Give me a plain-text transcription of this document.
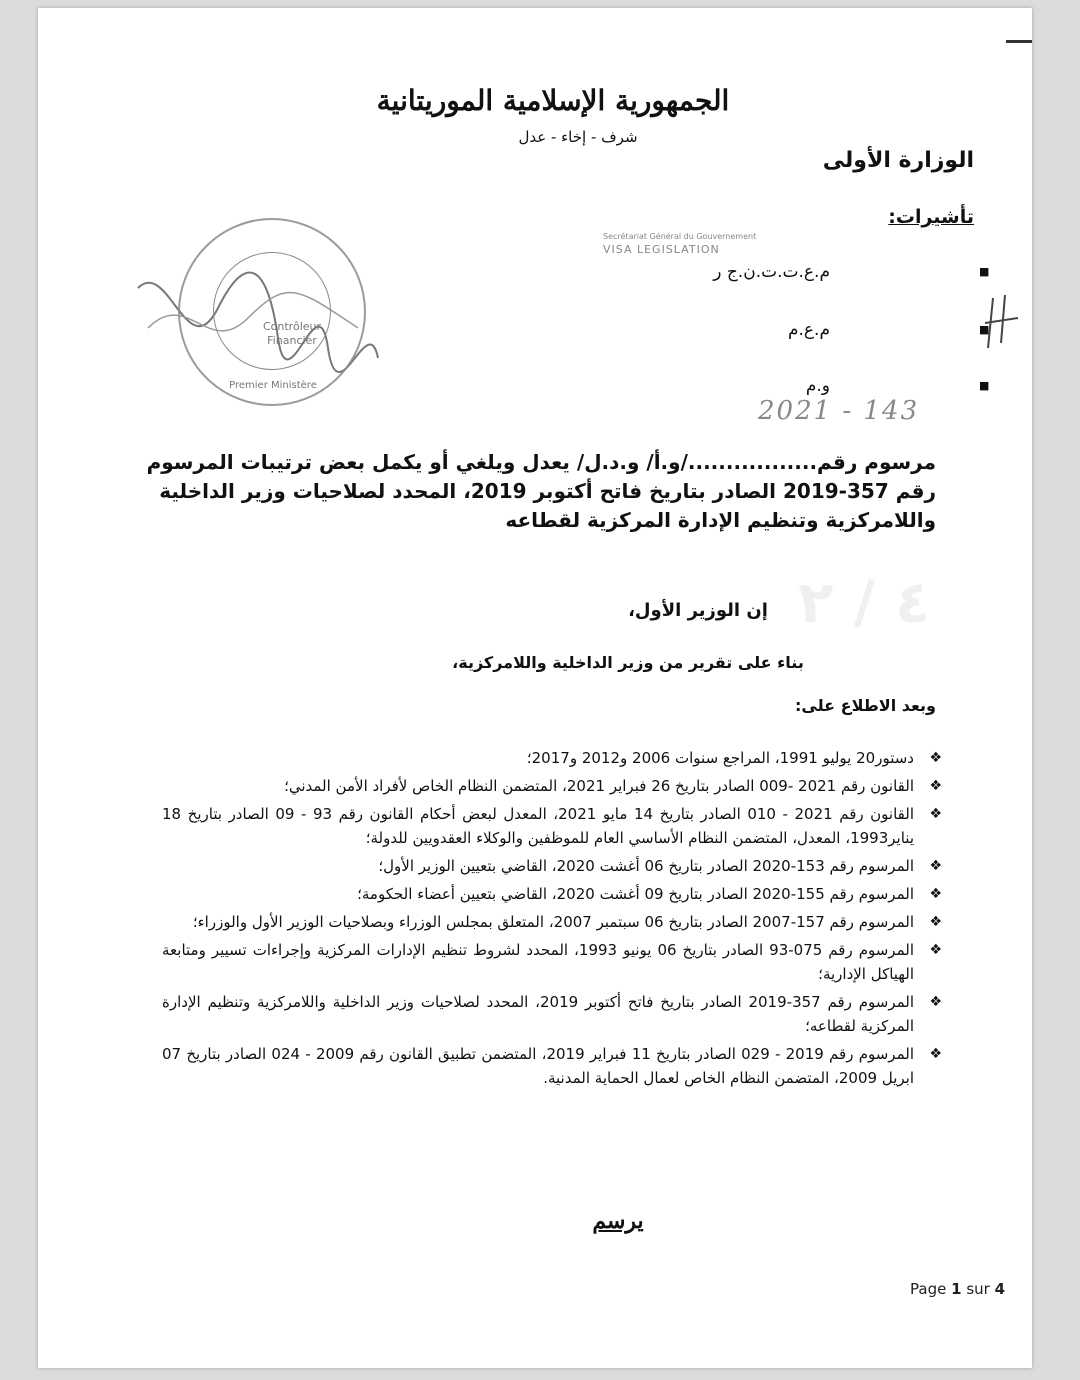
٤ / ٢
الجمهورية الإسلامية الموريتانية
شرف - إخاء - عدل
الوزارة الأولى
تأشيرات:
■
م.ع.ت.ت.ن.ج ر
■
م.ع.م
■
و.م
Contrôleur
Financier
Premier Ministère
Secrétariat Général du Gouvernement
VISA LEGISLATION
2021 - 143
مرسوم رقم................./و.أ/ و.د.ل/ يعدل ويلغي أو يكمل بعض ترتيبات المرسوم رقم 357-2019 الصادر بتاريخ فاتح أكتوبر 2019، المحدد لصلاحيات وزير الداخلية واللامركزية وتنظيم الإدارة المركزية لقطاعه
إن الوزير الأول،
بناء على تقرير من وزير الداخلية واللامركزية،
وبعد الاطلاع على:
❖ دستور20 يوليو 1991، المراجع سنوات 2006 و2012 و2017؛
❖ القانون رقم 2021 -009 الصادر بتاريخ 26 فبراير 2021، المتضمن النظام الخاص لأفراد الأمن المدني؛
❖ القانون رقم 2021 - 010 الصادر بتاريخ 14 مايو 2021، المعدل لبعض أحكام القانون رقم 93 - 09 الصادر بتاريخ 18 يناير1993، المعدل، المتضمن النظام الأساسي العام للموظفين والوكلاء العقدويين للدولة؛
❖ المرسوم رقم 153-2020 الصادر بتاريخ 06 أغشت 2020، القاضي بتعيين الوزير الأول؛
❖ المرسوم رقم 155-2020 الصادر بتاريخ 09 أغشت 2020، القاضي بتعيين أعضاء الحكومة؛
❖ المرسوم رقم 157-2007 الصادر بتاريخ 06 سبتمبر 2007، المتعلق بمجلس الوزراء وبصلاحيات الوزير الأول والوزراء؛
❖ المرسوم رقم 075-93 الصادر بتاريخ 06 يونيو 1993، المحدد لشروط تنظيم الإدارات المركزية وإجراءات تسيير ومتابعة الهياكل الإدارية؛
❖ المرسوم رقم 357-2019 الصادر بتاريخ فاتح أكتوبر 2019، المحدد لصلاحيات وزير الداخلية واللامركزية وتنظيم الإدارة المركزية لقطاعه؛
❖ المرسوم رقم 2019 - 029 الصادر بتاريخ 11 فبراير 2019، المتضمن تطبيق القانون رقم 2009 - 024 الصادر بتاريخ 07 ابريل 2009، المتضمن النظام الخاص لعمال الحماية المدنية.
يرسم
Page 1 sur 4
